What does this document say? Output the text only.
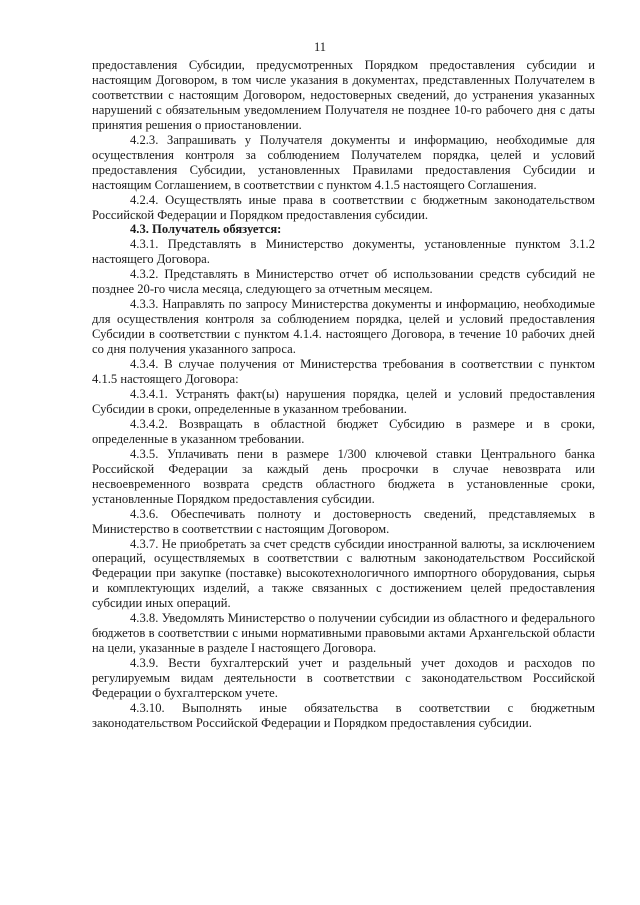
11

предоставления Субсидии, предусмотренных Порядком предоставления субсидии и настоящим Договором, в том числе указания в документах, представленных Получателем в соответствии с настоящим Договором, недостоверных сведений, до устранения указанных нарушений с обязательным уведомлением Получателя не позднее 10-го рабочего дня с даты принятия решения о приостановлении.

4.2.3. Запрашивать у Получателя документы и информацию, необходимые для осуществления контроля за соблюдением Получателем порядка, целей и условий предоставления Субсидии, установленных Правилами предоставления Субсидии и настоящим Соглашением, в соответствии с пунктом 4.1.5 настоящего Соглашения.

4.2.4. Осуществлять иные права в соответствии с бюджетным законодательством Российской Федерации и Порядком предоставления субсидии.

4.3. Получатель обязуется:

4.3.1. Представлять в Министерство документы, установленные пунктом 3.1.2 настоящего Договора.

4.3.2. Представлять в Министерство отчет об использовании средств субсидий не позднее 20-го числа месяца, следующего за отчетным месяцем.

4.3.3. Направлять по запросу Министерства документы и информацию, необходимые для осуществления контроля за соблюдением порядка, целей и условий предоставления Субсидии в соответствии с пунктом 4.1.4. настоящего Договора, в течение 10 рабочих дней со дня получения указанного запроса.

4.3.4. В случае получения от Министерства требования в соответствии с пунктом 4.1.5 настоящего Договора:

4.3.4.1. Устранять факт(ы) нарушения порядка, целей и условий предоставления Субсидии в сроки, определенные в указанном требовании.

4.3.4.2. Возвращать в областной бюджет Субсидию в размере и в сроки, определенные в указанном требовании.

4.3.5. Уплачивать пени в размере 1/300 ключевой ставки Центрального банка Российской Федерации за каждый день просрочки в случае невозврата или несвоевременного возврата средств областного бюджета в установленные сроки, установленные Порядком предоставления субсидии.

4.3.6. Обеспечивать полноту и достоверность сведений, представляемых в Министерство в соответствии с настоящим Договором.

4.3.7. Не приобретать за счет средств субсидии иностранной валюты, за исключением операций, осуществляемых в соответствии с валютным законодательством Российской Федерации при закупке (поставке) высокотехнологичного импортного оборудования, сырья и комплектующих изделий, а также связанных с достижением целей предоставления субсидии иных операций.

4.3.8. Уведомлять Министерство о получении субсидии из областного и федерального бюджетов в соответствии с иными нормативными правовыми актами Архангельской области на цели, указанные в разделе I настоящего Договора.

4.3.9. Вести бухгалтерский учет и раздельный учет доходов и расходов по регулируемым видам деятельности в соответствии с законодательством Российской Федерации о бухгалтерском учете.

4.3.10. Выполнять иные обязательства в соответствии с бюджетным законодательством Российской Федерации и Порядком предоставления субсидии.
